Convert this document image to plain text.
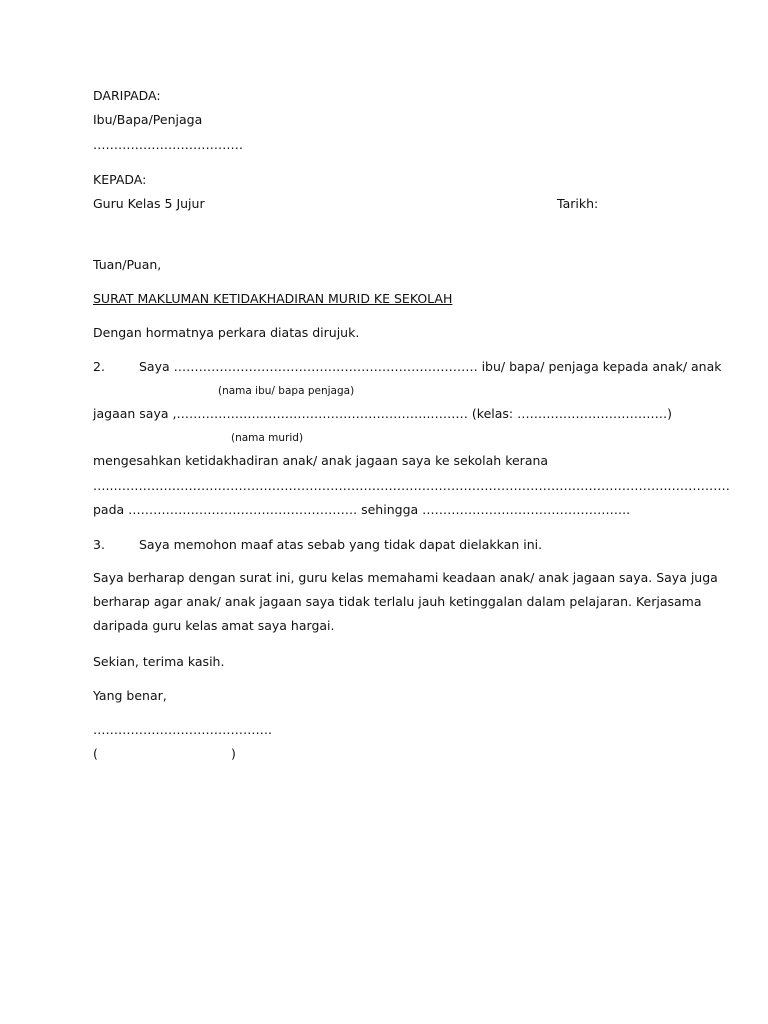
DARIPADA:
Ibu/Bapa/Penjaga
………………………………
KEPADA:
Guru Kelas 5 Jujur	Tarikh:
Tuan/Puan,
SURAT MAKLUMAN KETIDAKHADIRAN MURID KE SEKOLAH
Dengan hormatnya perkara diatas dirujuk.
2.	Saya ………………………………………………………………. ibu/ bapa/ penjaga kepada anak/ anak
(nama ibu/ bapa penjaga)
jagaan saya ,…………………………………………………….……… (kelas: ………………………………)
(nama murid)
mengesahkan ketidakhadiran anak/ anak jagaan saya ke sekolah kerana
…..…………………………………………………………………………………………………………………….……………
pada ………………………………………………. sehingga …………………………………………..
3.	Saya memohon maaf atas sebab yang tidak dapat dielakkan ini.
Saya berharap dengan surat ini, guru kelas memahami keadaan anak/ anak jagaan saya. Saya juga
berharap agar anak/ anak jagaan saya tidak terlalu jauh ketinggalan dalam pelajaran. Kerjasama
daripada guru kelas amat saya hargai.
Sekian, terima kasih.
Yang benar,
…………………………………….
(	)
